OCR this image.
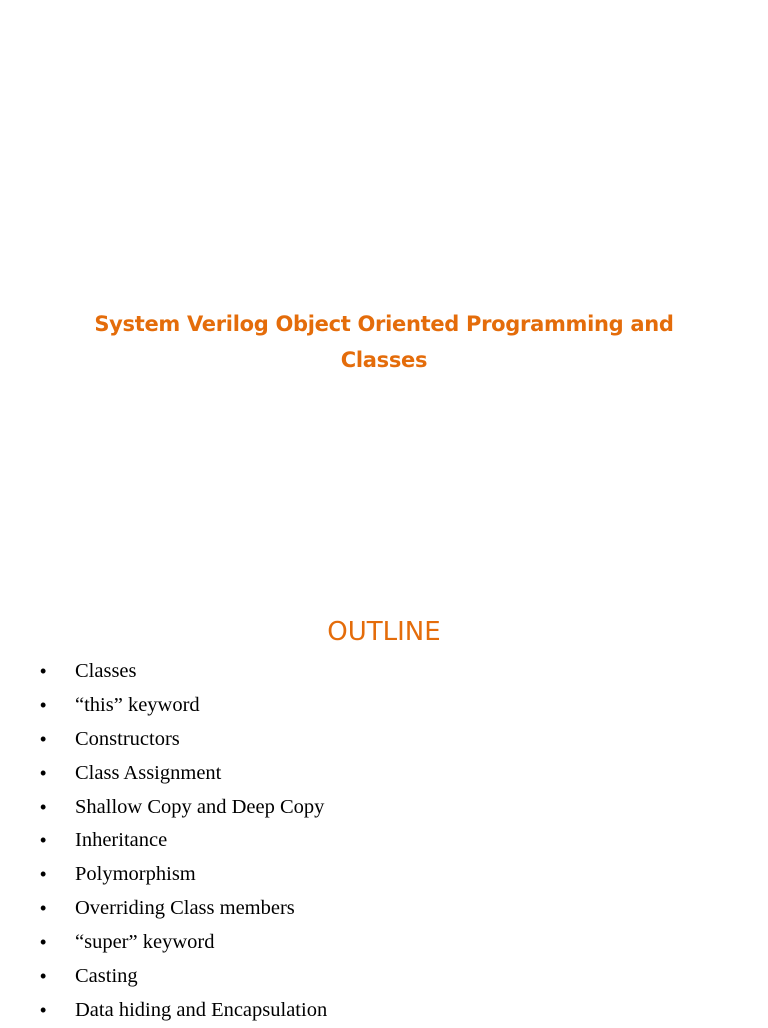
System Verilog Object Oriented Programming and
Classes
OUTLINE
• Classes
• “this” keyword
• Constructors
• Class Assignment
• Shallow Copy and Deep Copy
• Inheritance
• Polymorphism
• Overriding Class members
• “super” keyword
• Casting
• Data hiding and Encapsulation
